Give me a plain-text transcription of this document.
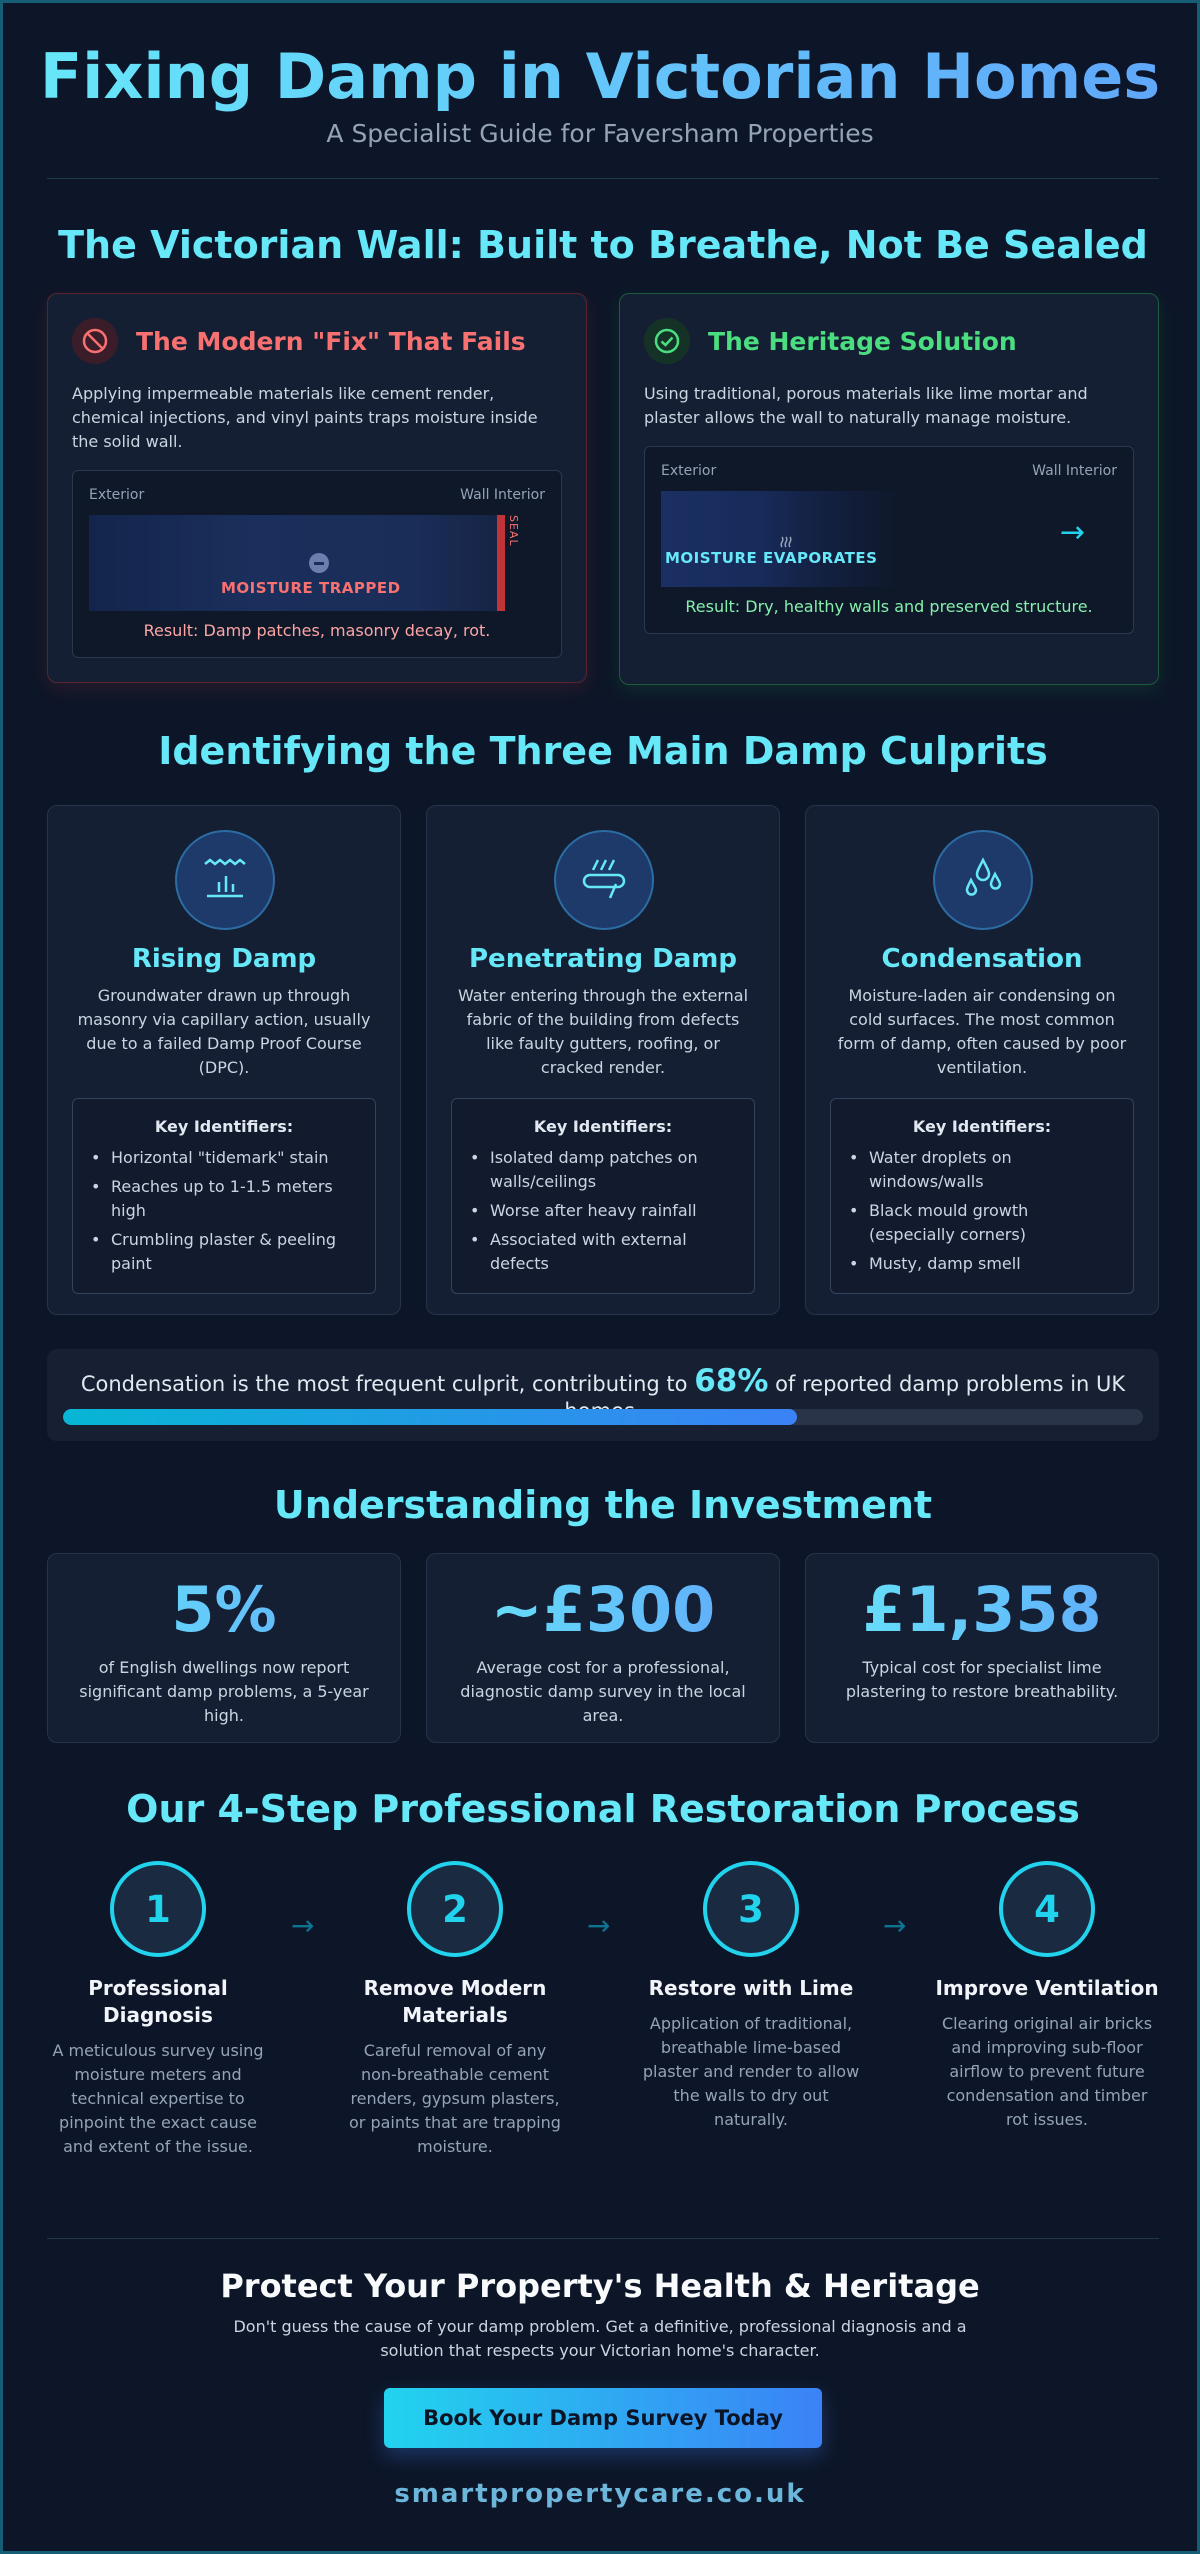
Fixing Damp in Victorian Homes
A Specialist Guide for Faversham Properties
The Victorian Wall: Built to Breathe, Not Be Sealed
The Modern "Fix" That Fails
Applying impermeable materials like cement render, chemical injections, and vinyl paints traps moisture inside the solid wall.
Exterior	Wall Interior
SEAL
MOISTURE TRAPPED
Result: Damp patches, masonry decay, rot.
The Heritage Solution
Using traditional, porous materials like lime mortar and plaster allows the wall to naturally manage moisture.
Exterior	Wall Interior
MOISTURE EVAPORATES
→
Result: Dry, healthy walls and preserved structure.
Identifying the Three Main Damp Culprits
Rising Damp
Groundwater drawn up through masonry via capillary action, usually due to a failed Damp Proof Course (DPC).
Key Identifiers:
• Horizontal "tidemark" stain
• Reaches up to 1-1.5 meters high
• Crumbling plaster & peeling paint
Penetrating Damp
Water entering through the external fabric of the building from defects like faulty gutters, roofing, or cracked render.
Key Identifiers:
• Isolated damp patches on walls/ceilings
• Worse after heavy rainfall
• Associated with external defects
Condensation
Moisture-laden air condensing on cold surfaces. The most common form of damp, often caused by poor ventilation.
Key Identifiers:
• Water droplets on windows/walls
• Black mould growth (especially corners)
• Musty, damp smell
Condensation is the most frequent culprit, contributing to 68% of reported damp problems in UK
Understanding the Investment
5%
of English dwellings now report significant damp problems, a 5-year high.
~£300
Average cost for a professional, diagnostic damp survey in the local area.
£1,358
Typical cost for specialist lime plastering to restore breathability.
Our 4-Step Professional Restoration Process
1
Professional Diagnosis
A meticulous survey using moisture meters and technical expertise to pinpoint the exact cause and extent of the issue.
→	2
Remove Modern Materials
Careful removal of any non-breathable cement renders, gypsum plasters, or paints that are trapping moisture.
→	3
Restore with Lime
Application of traditional, breathable lime-based plaster and render to allow the walls to dry out naturally.
→	4
Improve Ventilation
Clearing original air bricks and improving sub-floor airflow to prevent future condensation and timber rot issues.
Protect Your Property's Health & Heritage
Don't guess the cause of your damp problem. Get a definitive, professional diagnosis and a solution that respects your Victorian home's character.
Book Your Damp Survey Today
smartpropertycare.co.uk
